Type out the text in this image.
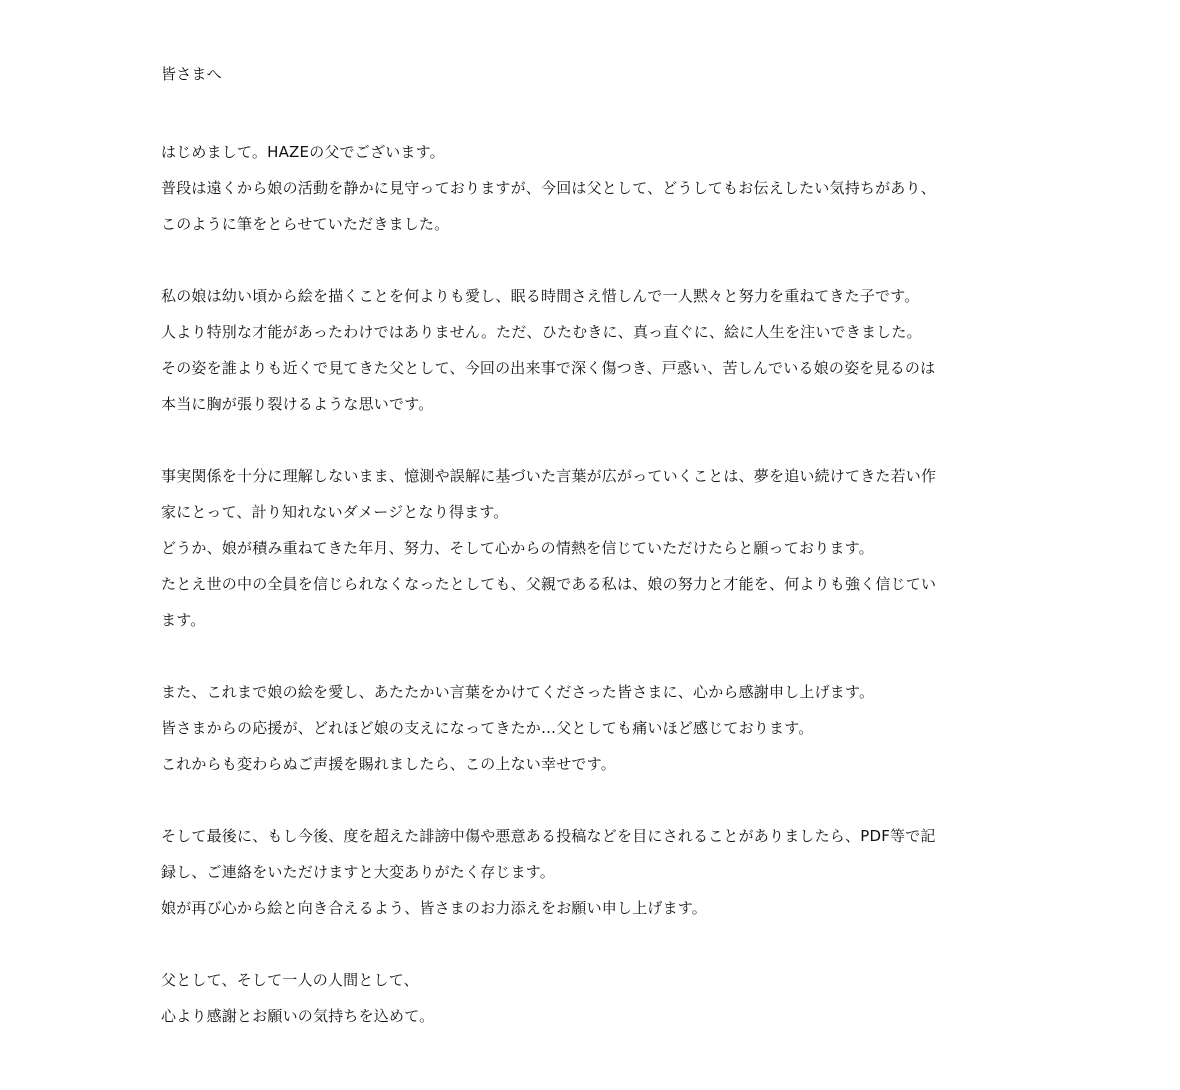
皆さまへ
はじめまして。HAZEの父でございます。
普段は遠くから娘の活動を静かに見守っておりますが、今回は父として、どうしてもお伝えしたい気持ちがあり、
このように筆をとらせていただきました。
私の娘は幼い頃から絵を描くことを何よりも愛し、眠る時間さえ惜しんで一人黙々と努力を重ねてきた子です。
人より特別な才能があったわけではありません。ただ、ひたむきに、真っ直ぐに、絵に人生を注いできました。
その姿を誰よりも近くで見てきた父として、今回の出来事で深く傷つき、戸惑い、苦しんでいる娘の姿を見るのは
本当に胸が張り裂けるような思いです。
事実関係を十分に理解しないまま、憶測や誤解に基づいた言葉が広がっていくことは、夢を追い続けてきた若い作
家にとって、計り知れないダメージとなり得ます。
どうか、娘が積み重ねてきた年月、努力、そして心からの情熱を信じていただけたらと願っております。
たとえ世の中の全員を信じられなくなったとしても、父親である私は、娘の努力と才能を、何よりも強く信じてい
ます。
また、これまで娘の絵を愛し、あたたかい言葉をかけてくださった皆さまに、心から感謝申し上げます。
皆さまからの応援が、どれほど娘の支えになってきたか…父としても痛いほど感じております。
これからも変わらぬご声援を賜れましたら、この上ない幸せです。
そして最後に、もし今後、度を超えた誹謗中傷や悪意ある投稿などを目にされることがありましたら、PDF等で記
録し、ご連絡をいただけますと大変ありがたく存じます。
娘が再び心から絵と向き合えるよう、皆さまのお力添えをお願い申し上げます。
父として、そして一人の人間として、
心より感謝とお願いの気持ちを込めて。
